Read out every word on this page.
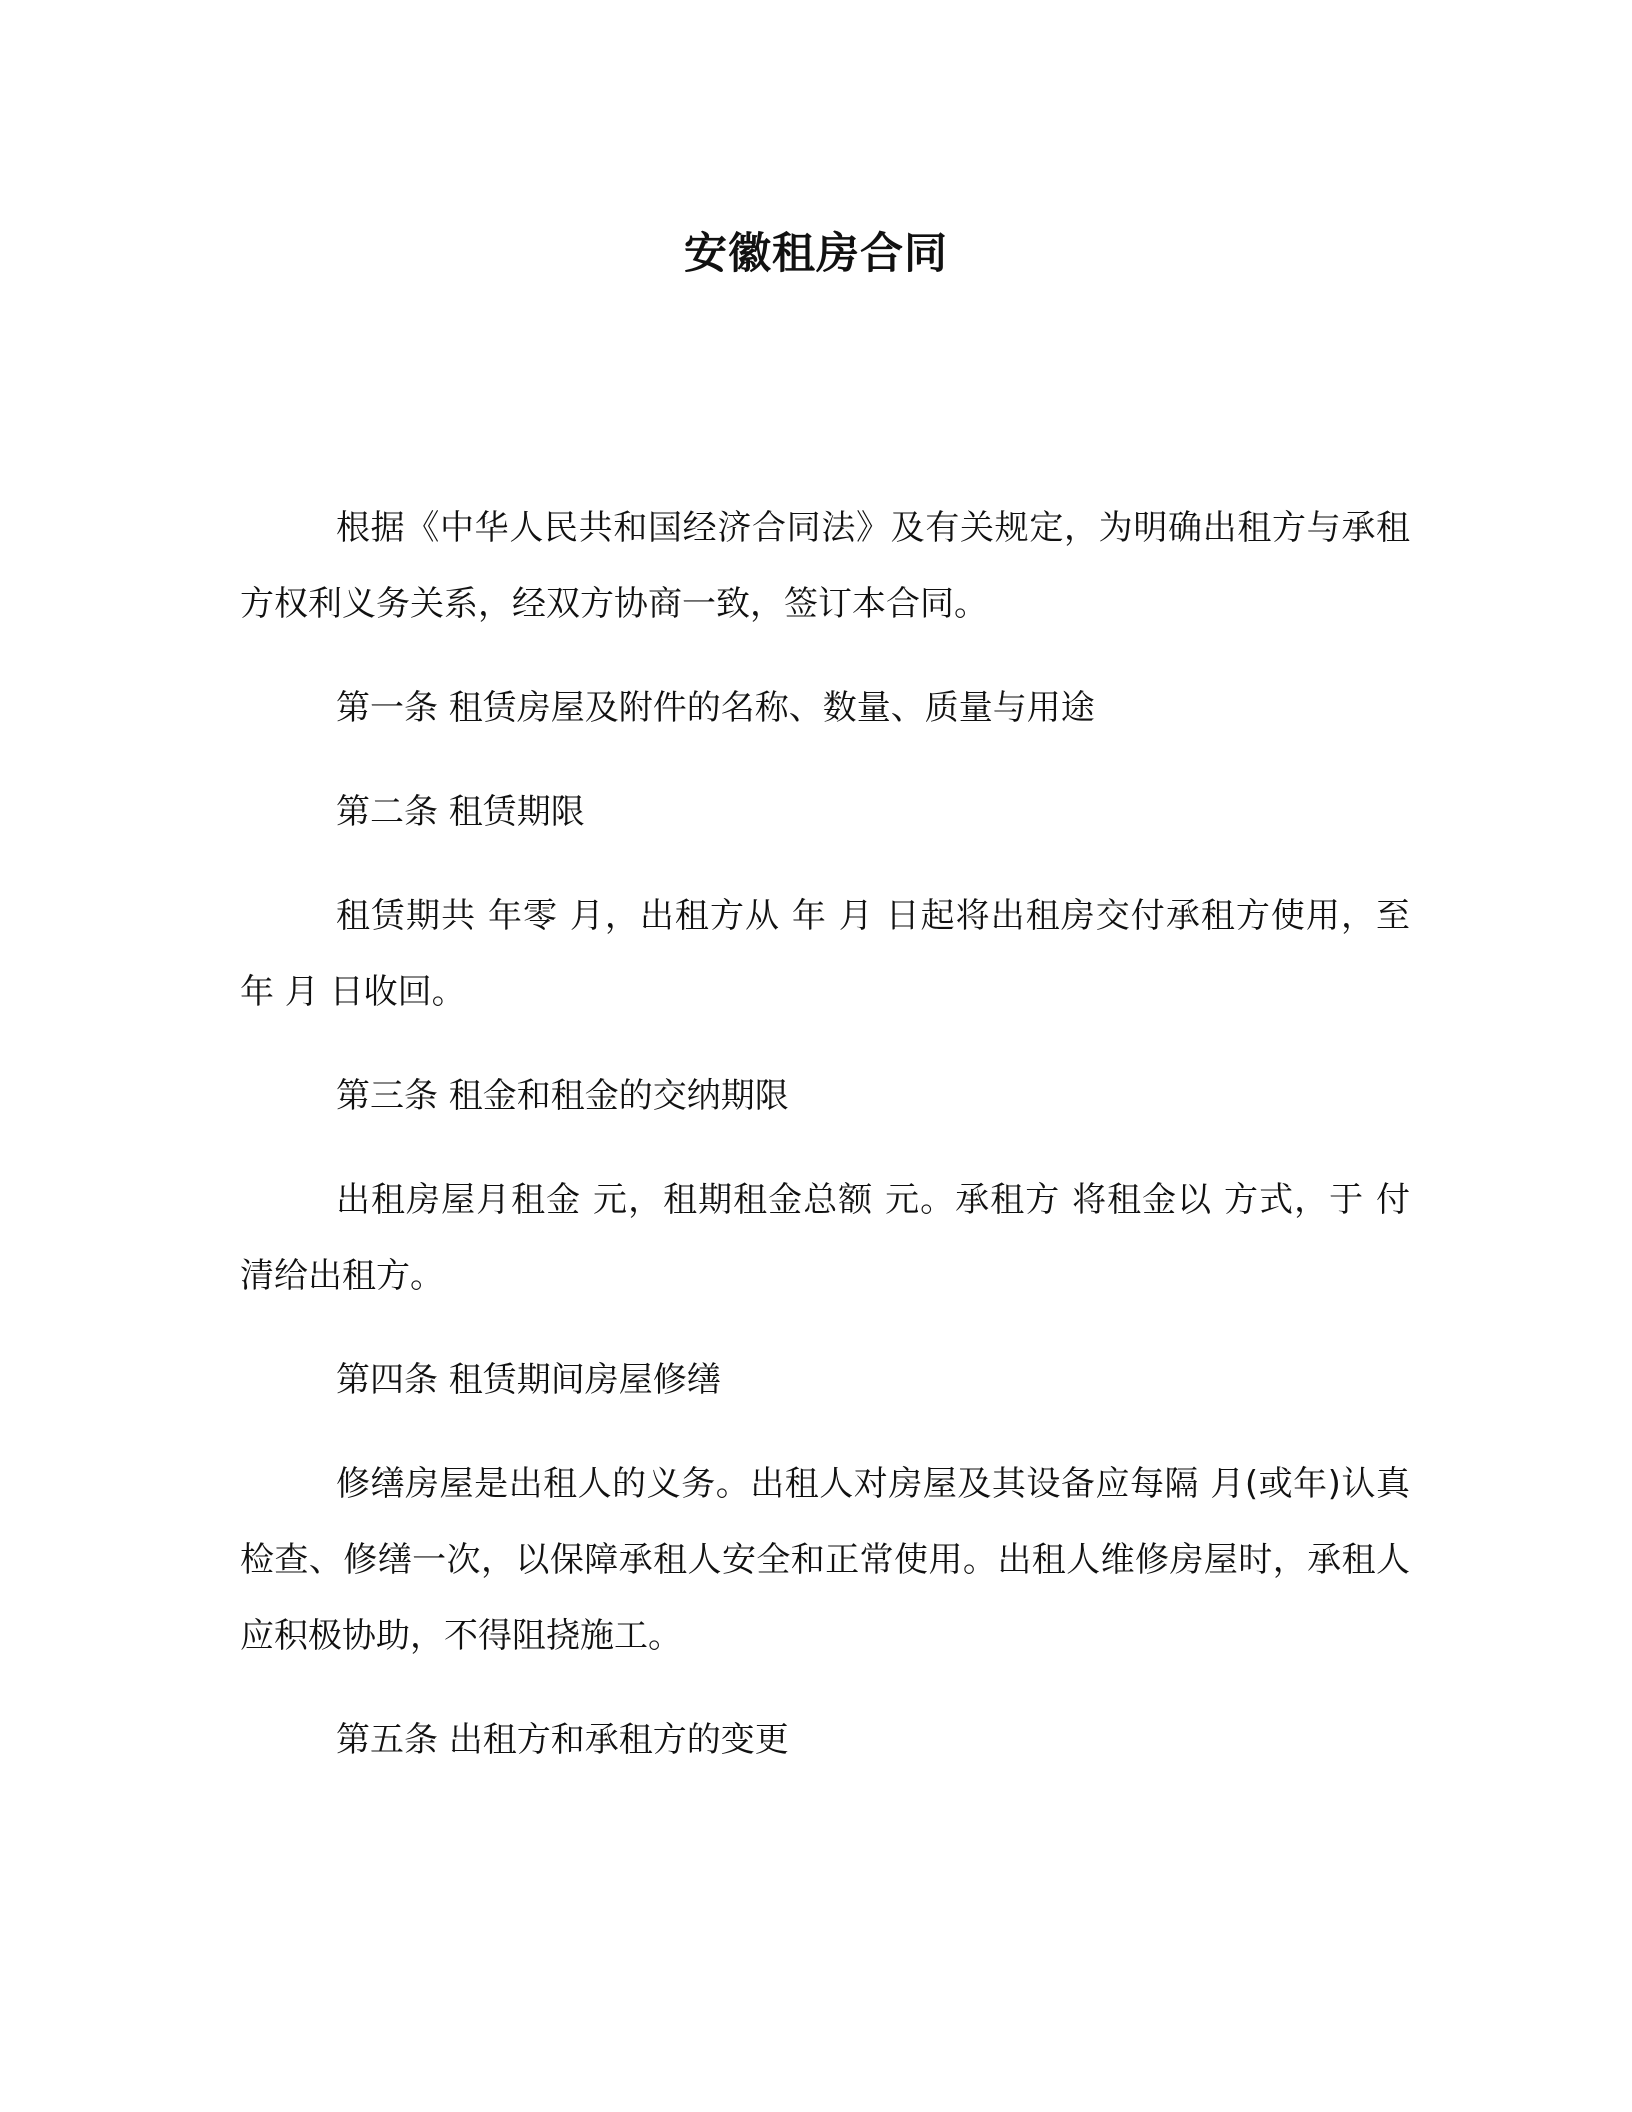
安徽租房合同

根据《中华人民共和国经济合同法》及有关规定，为明确出租方与承租方权利义务关系，经双方协商一致，签订本合同。

第一条 租赁房屋及附件的名称、数量、质量与用途

第二条 租赁期限

租赁期共 年零 月，出租方从 年 月 日起将出租房交付承租方使用，至 年 月 日收回。

第三条 租金和租金的交纳期限

出租房屋月租金 元，租期租金总额 元。承租方 将租金以 方式，于 付清给出租方。

第四条 租赁期间房屋修缮

修缮房屋是出租人的义务。出租人对房屋及其设备应每隔 月(或年)认真检查、修缮一次，以保障承租人安全和正常使用。出租人维修房屋时，承租人应积极协助，不得阻挠施工。

第五条 出租方和承租方的变更
